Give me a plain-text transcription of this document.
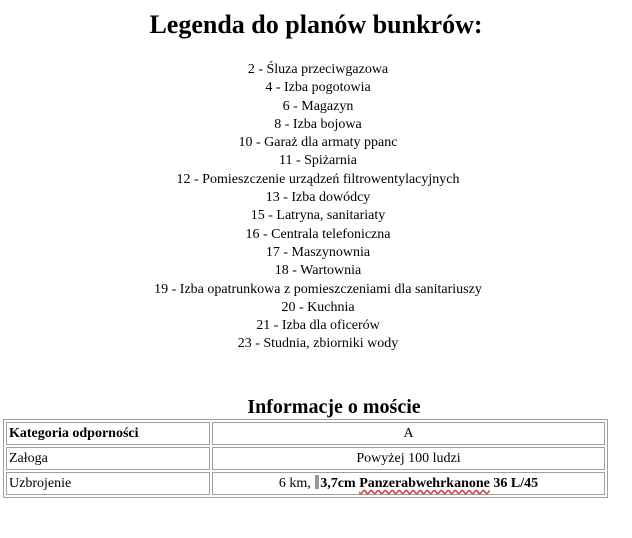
Legenda do planów bunkrów:
2 - Śluza przeciwgazowa
4 - Izba pogotowia
6 - Magazyn
8 - Izba bojowa
10 - Garaż dla armaty ppanc
11 - Spiżarnia
12 - Pomieszczenie urządzeń filtrowentylacyjnych
13 - Izba dowódcy
15 - Latryna, sanitariaty
16 - Centrala telefoniczna
17 - Maszynownia
18 - Wartownia
19 - Izba opatrunkowa z pomieszczeniami dla sanitariuszy
20 - Kuchnia
21 - Izba dla oficerów
23 - Studnia, zbiorniki wody
Informacje o moście
Kategoria odporności	A
Załoga	Powyżej 100 ludzi
Uzbrojenie	6 km, 3,7cm Panzerabwehrkanone 36 L/45
